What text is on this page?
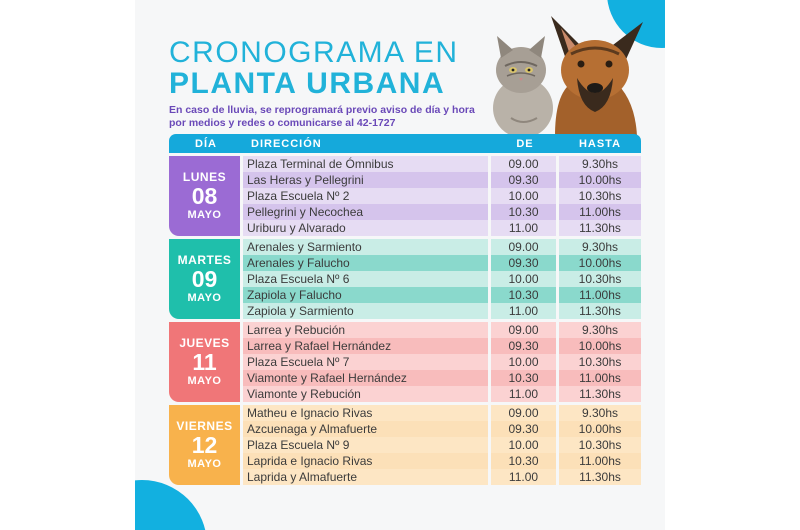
CRONOGRAMA EN
PLANTA URBANA
En caso de lluvia, se reprogramará previo aviso de día y hora por medios y redes o comunicarse al 42-1727
DÍA	DIRECCIÓN	DE	HASTA
LUNES
08
MAYO
Plaza Terminal de Ómnibus	09.00	9.30hs
Las Heras y Pellegrini	09.30	10.00hs
Plaza Escuela Nº 2	10.00	10.30hs
Pellegrini y Necochea	10.30	11.00hs
Uriburu y Alvarado	11.00	11.30hs
MARTES
09
MAYO
Arenales y Sarmiento	09.00	9.30hs
Arenales y Falucho	09.30	10.00hs
Plaza Escuela Nº 6	10.00	10.30hs
Zapiola y Falucho	10.30	11.00hs
Zapiola y Sarmiento	11.00	11.30hs
JUEVES
11
MAYO
Larrea y Rebución	09.00	9.30hs
Larrea y Rafael Hernández	09.30	10.00hs
Plaza Escuela Nº 7	10.00	10.30hs
Viamonte y Rafael Hernández	10.30	11.00hs
Viamonte y Rebución	11.00	11.30hs
VIERNES
12
MAYO
Matheu e Ignacio Rivas	09.00	9.30hs
Azcuenaga y Almafuerte	09.30	10.00hs
Plaza Escuela Nº 9	10.00	10.30hs
Laprida e Ignacio Rivas	10.30	11.00hs
Laprida y Almafuerte	11.00	11.30hs
